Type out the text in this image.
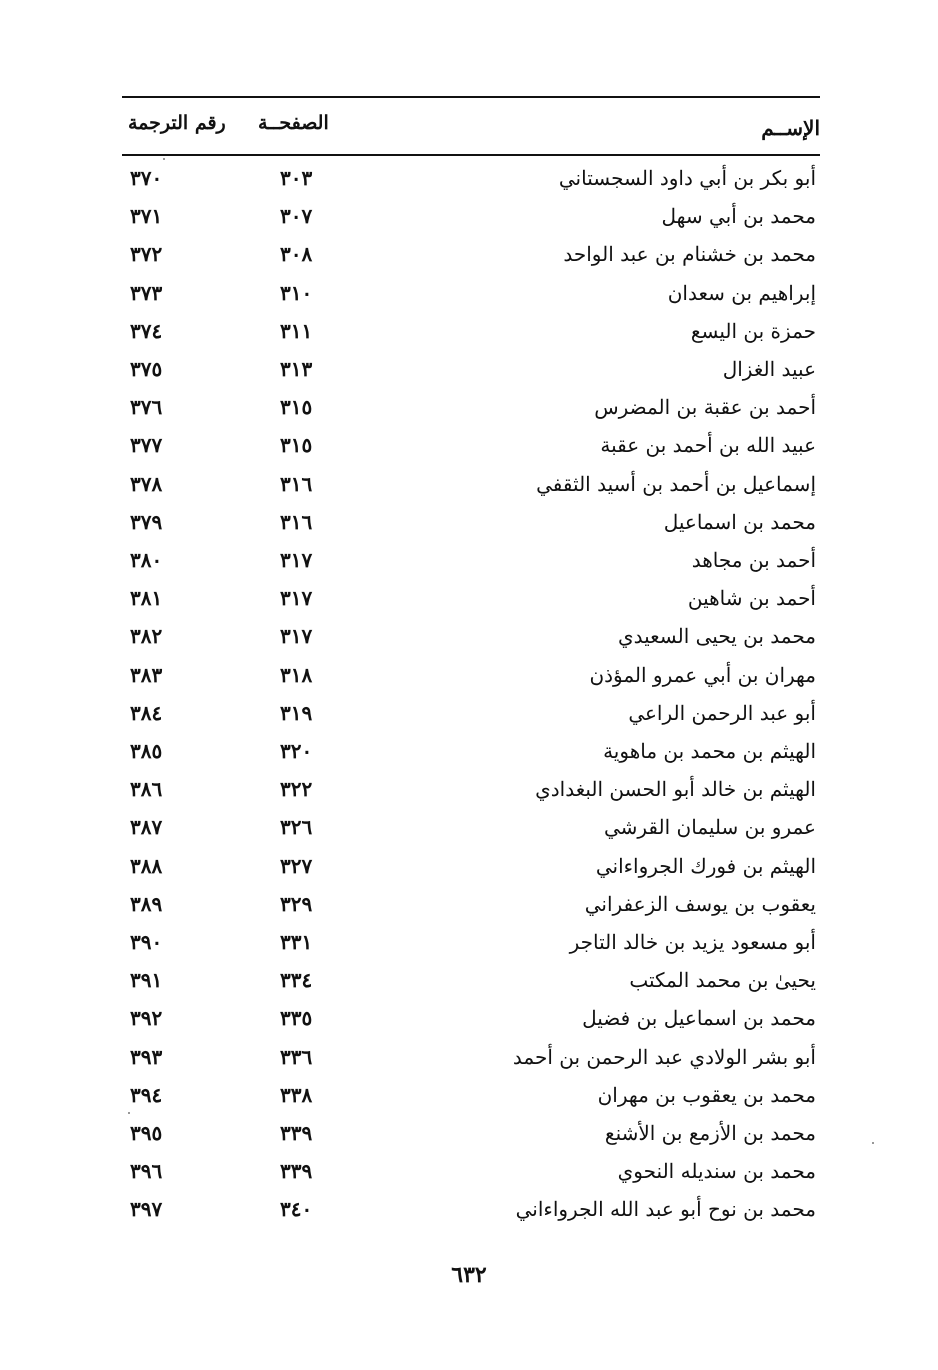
الإســم
الصفحــة
رقم الترجمة
أبو بكر بن أبي داود السجستاني
٣٠٣
٣٧٠
محمد بن أبي سهل
٣٠٧
٣٧١
محمد بن خشنام بن عبد الواحد
٣٠٨
٣٧٢
إبراهيم بن سعدان
٣١٠
٣٧٣
حمزة بن اليسع
٣١١
٣٧٤
عبيد الغزال
٣١٣
٣٧٥
أحمد بن عقبة بن المضرس
٣١٥
٣٧٦
عبيد الله بن أحمد بن عقبة
٣١٥
٣٧٧
إسماعيل بن أحمد بن أسيد الثقفي
٣١٦
٣٧٨
محمد بن اسماعيل
٣١٦
٣٧٩
أحمد بن مجاهد
٣١٧
٣٨٠
أحمد بن شاهين
٣١٧
٣٨١
محمد بن يحيى السعيدي
٣١٧
٣٨٢
مهران بن أبي عمرو المؤذن
٣١٨
٣٨٣
أبو عبد الرحمن الراعي
٣١٩
٣٨٤
الهيثم بن محمد بن ماهوية
٣٢٠
٣٨٥
الهيثم بن خالد أبو الحسن البغدادي
٣٢٢
٣٨٦
عمرو بن سليمان القرشي
٣٢٦
٣٨٧
الهيثم بن فورك الجرواءاني
٣٢٧
٣٨٨
يعقوب بن يوسف الزعفراني
٣٢٩
٣٨٩
أبو مسعود يزيد بن خالد التاجر
٣٣١
٣٩٠
يحيىٰ بن محمد المكتب
٣٣٤
٣٩١
محمد بن اسماعيل بن فضيل
٣٣٥
٣٩٢
أبو بشر الولادي عبد الرحمن بن أحمد
٣٣٦
٣٩٣
محمد بن يعقوب بن مهران
٣٣٨
٣٩٤
محمد بن الأزمع بن الأشنع
٣٣٩
٣٩٥
محمد بن سنديله النحوي
٣٣٩
٣٩٦
محمد بن نوح أبو عبد الله الجرواءاني
٣٤٠
٣٩٧
٦٣٢
